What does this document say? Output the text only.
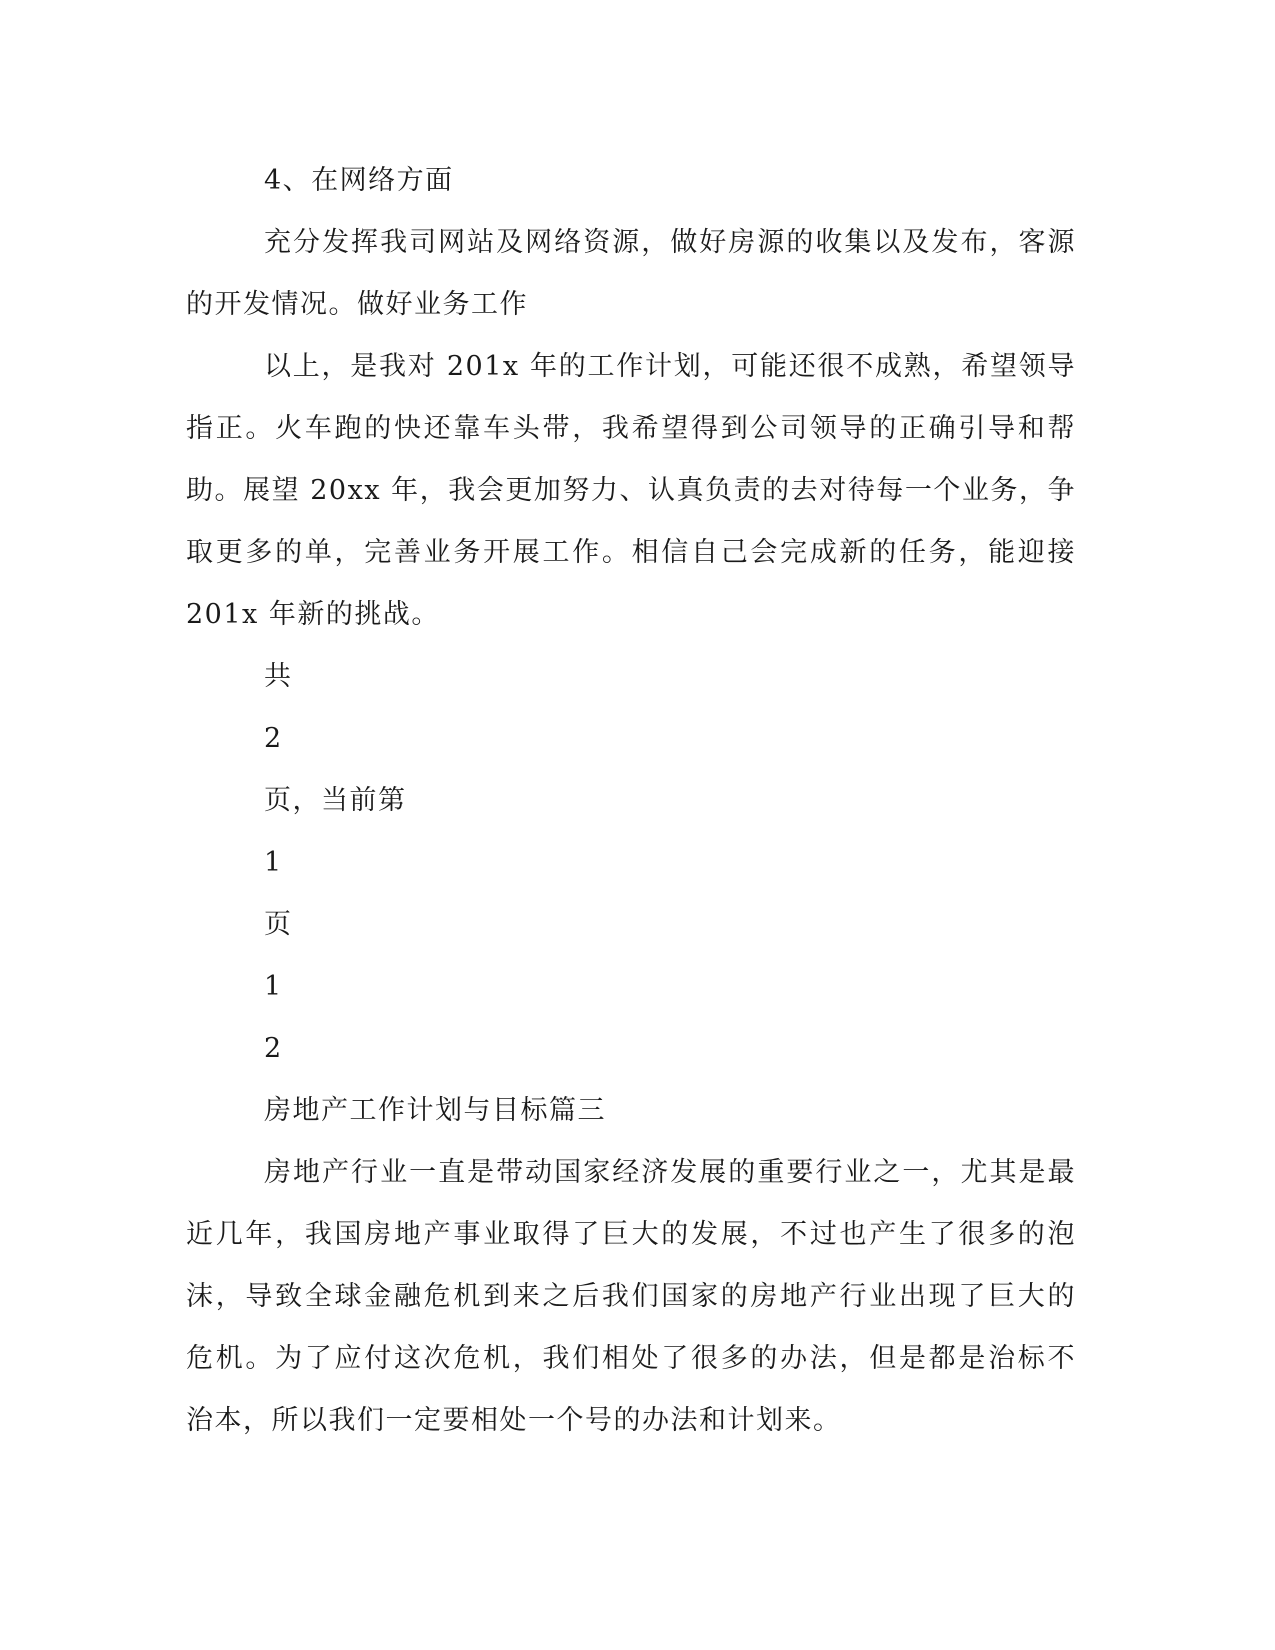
4、在网络方面
充分发挥我司网站及网络资源，做好房源的收集以及发布，客源
的开发情况。做好业务工作
以上，是我对 201x 年的工作计划，可能还很不成熟，希望领导
指正。火车跑的快还靠车头带，我希望得到公司领导的正确引导和帮
助。展望 20xx 年，我会更加努力、认真负责的去对待每一个业务，争
取更多的单，完善业务开展工作。相信自己会完成新的任务，能迎接
201x 年新的挑战。
共
2
页，当前第
1
页
1
2
房地产工作计划与目标篇三
房地产行业一直是带动国家经济发展的重要行业之一，尤其是最
近几年，我国房地产事业取得了巨大的发展，不过也产生了很多的泡
沫，导致全球金融危机到来之后我们国家的房地产行业出现了巨大的
危机。为了应付这次危机，我们相处了很多的办法，但是都是治标不
治本，所以我们一定要相处一个号的办法和计划来。
